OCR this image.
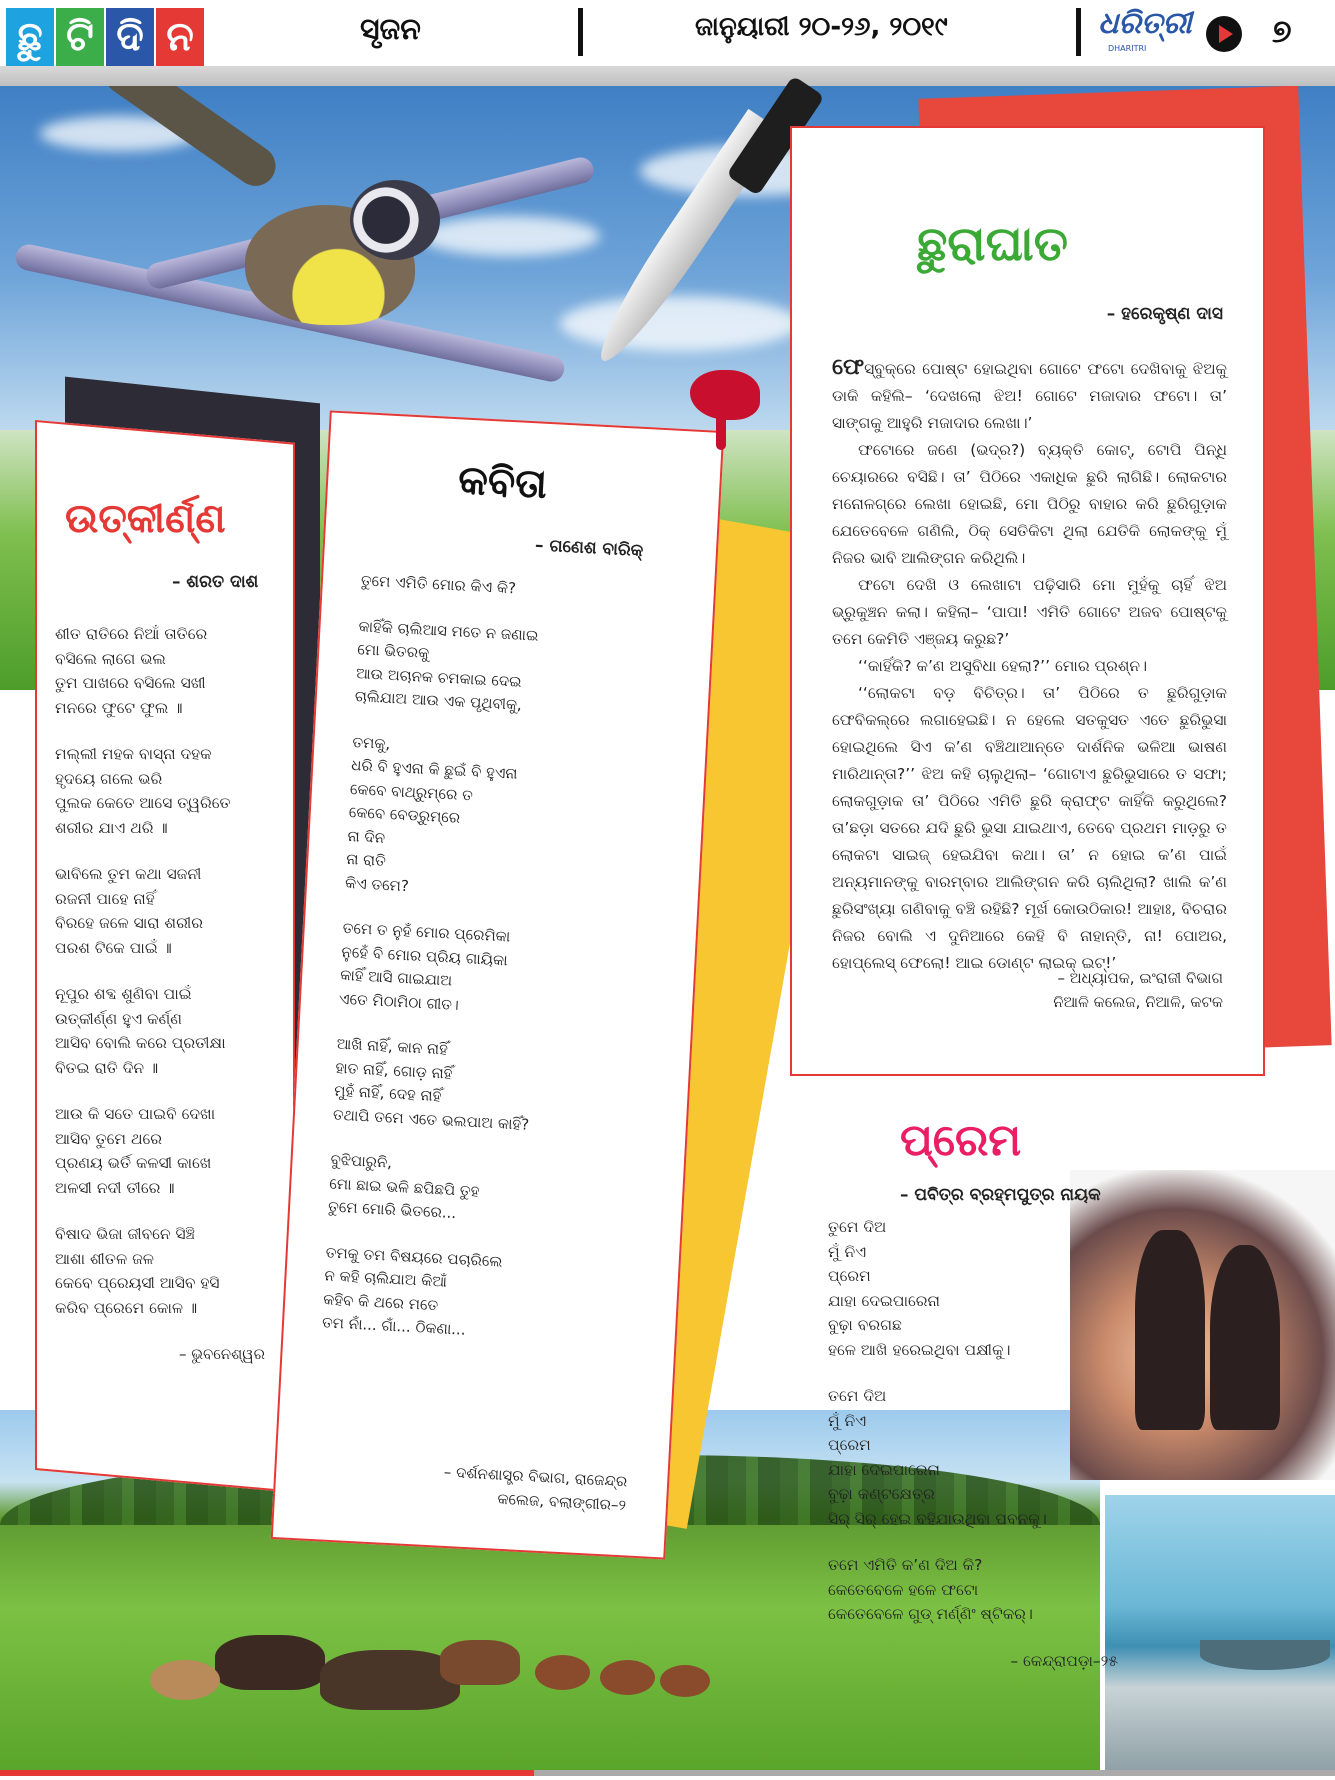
ଛୁ ଟି ଦି ନ	ସୃଜନ	ଜାନୁୟାରୀ ୨୦-୨୬, ୨୦୧୯	ଧରିତ୍ରୀ
DHARITRI	୭
ଉତ୍କୀର୍ଣ୍ଣ
– ଶରତ ଦାଶ

ଶୀତ ରାତିରେ ନିଆଁ ତାତିରେ

ବସିଲେ ଲାଗେ ଭଲ

ତୁମ ପାଖରେ ବସିଲେ ସଖୀ

ମନରେ ଫୁଟେ ଫୁଲ ॥

ମଲ୍ଲୀ ମହକ ବାସ୍ନା ଦହକ

ହୃଦୟେ ଗଲେ ଭରି

ପୁଲକ କେତେ ଆସେ ତ୍ୱରିତେ

ଶରୀର ଯାଏ ଥରି ॥

ଭାବିଲେ ତୁମ କଥା ସଜନୀ

ରଜନୀ ପାହେ ନାହିଁ

ବିରହେ ଜଳେ ସାରା ଶରୀର

ପରଶ ଟିକେ ପାଇଁ ॥

ନୂପୁର ଶବ୍ଦ ଶୁଣିବା ପାଇଁ

ଉତ୍କୀର୍ଣ୍ଣ ହୁଏ କର୍ଣ୍ଣ

ଆସିବ ବୋଲି କରେ ପ୍ରତୀକ୍ଷା

ବିତଇ ରାତି ଦିନ ॥

ଆଉ କି ସତେ ପାଇବି ଦେଖା

ଆସିବ ତୁମେ ଥରେ

ପ୍ରଣୟ ଭର୍ତି କଳସୀ କାଖେ

ଅଳସୀ ନଦୀ ତୀରେ ॥

ବିଷାଦ ଭିଜା ଜୀବନେ ସିଞ୍ଚି

ଆଶା ଶୀତଳ ଜଳ

କେବେ ପ୍ରେୟସୀ ଆସିବ ହସି

କରିବ ପ୍ରେମେ କୋଳ ॥

– ଭୁବନେଶ୍ୱର

କବିତା
– ଗଣେଶ ବାରିକ୍

ତୁମେ ଏମିତି ମୋର କିଏ କି?

କାହିଁକି ଚାଲିଆସ ମତେ ନ ଜଣାଇ

ମୋ ଭିତରକୁ

ଆଉ ଅଚାନକ ଚମକାଇ ଦେଇ

ଚାଲିଯାଅ ଆଉ ଏକ ପୃଥିବୀକୁ,

ତମକୁ,

ଧରି ବି ହୁଏନା କି ଛୁଇଁ ବି ହୁଏନା

କେବେ ବାଥ୍‌ରୁମ୍‌ରେ ତ

କେବେ ବେଡ୍‌ରୁମ୍‌ରେ

ନା ଦିନ

ନା ରାତି

କିଏ ତମେ?

ତମେ ତ ନୁହଁ ମୋର ପ୍ରେମିକା

ନୁହେଁ ବି ମୋର ପ୍ରିୟ ଗାୟିକା

କାହିଁ ଆସି ଗାଇଯାଅ

ଏତେ ମିଠାମିଠା ଗୀତ।

ଆଖି ନାହିଁ, କାନ ନାହିଁ

ହାତ ନାହିଁ, ଗୋଡ଼ ନାହିଁ

ମୁହଁ ନାହିଁ, ଦେହ ନାହିଁ

ତଥାପି ତମେ ଏତେ ଭଲପାଅ କାହିଁ?

ବୁଝିପାରୁନି,

ମୋ ଛାଇ ଭଳି ଛପିଛପି ତୁହ

ତୁମେ ମୋରି ଭିତରେ...

ତମକୁ ତମ ବିଷୟରେ ପଚାରିଲେ

ନ କହି ଚାଲିଯାଅ କିଆଁ

କହିବ କି ଥରେ ମତେ

ତମ ନାଁ... ଗାଁ... ଠିକଣା...

– ଦର୍ଶନଶାସ୍ତ୍ର ବିଭାଗ, ରାଜେନ୍ଦ୍ର
କଲେଜ, ବଲାଙ୍ଗୀର–୨
ଛୁରାଘାତ
– ହରେକୃଷ୍ଣ ଦାସ

ଫେସ୍‌ବୁକ୍‌ରେ ପୋଷ୍ଟ ହୋଇଥିବା ଗୋଟେ ଫଟୋ ଦେଖିବାକୁ ଝିଅକୁ ଡାକି କହିଲି– ‘ଦେଖଲୋ ଝିଅ! ଗୋଟେ ମଜାଦାର ଫଟୋ। ତା’ ସାଙ୍ଗକୁ ଆହୁରି ମଜାଦାର ଲେଖା।’

ଫଟୋରେ ଜଣେ (ଭଦ୍ର?) ବ୍ୟକ୍ତି କୋଟ୍, ଟୋପି ପିନ୍ଧି ଚେୟାରରେ ବସିଛି। ତା’ ପିଠିରେ ଏକାଧିକ ଛୁରି ଲାଗିଛି। ଲୋକଟାର ମନୋଳଗ୍‌ରେ ଲେଖା ହୋଇଛି, ମୋ ପିଠିରୁ ବାହାର କରି ଛୁରିଗୁଡ଼ାକ ଯେତେବେଳେ ଗଣିଲି, ଠିକ୍ ସେତିକିଟା ଥିଲା ଯେତିକି ଲୋକଙ୍କୁ ମୁଁ ନିଜର ଭାବି ଆଲିଙ୍ଗନ କରିଥିଲି।

ଫଟୋ ଦେଖି ଓ ଲେଖାଟା ପଢ଼ିସାରି ମୋ ମୁହଁକୁ ଚାହିଁ ଝିଅ ଭ୍ରୁକୁଞ୍ଚନ କଲା। କହିଲା– ‘ପାପା! ଏମିତି ଗୋଟେ ଅଜବ ପୋଷ୍ଟକୁ ତମେ କେମିତି ଏଞ୍ଜୟ କରୁଛ?’

‘‘କାହିଁକି? କ’ଣ ଅସୁବିଧା ହେଲା?’’ ମୋର ପ୍ରଶ୍ନ।

‘‘ଲୋକଟା ବଡ଼ ବିଚିତ୍ର। ତା’ ପିଠିରେ ତ ଛୁରିଗୁଡ଼ାକ ଫେବିକଲ୍‌ରେ ଲଗାହେଇଛି। ନ ହେଲେ ସତକୁସତ ଏତେ ଛୁରିଭୁସା ହୋଇଥିଲେ ସିଏ କ’ଣ ବଞ୍ଚିଥାଆନ୍ତେ ଦାର୍ଶନିକ ଭଳିଆ ଭାଷଣ ମାରିଥାନ୍ତା?’’ ଝିଅ କହି ଚାଲୁଥିଲା– ‘ଗୋଟାଏ ଛୁରିଭୁସାରେ ତ ସଫା; ଲୋକଗୁଡ଼ାକ ତା’ ପିଠିରେ ଏମିତି ଛୁରି କ୍ରାଫ୍ଟ କାହିଁକି କରୁଥିଲେ? ତା’ଛଡ଼ା ସତରେ ଯଦି ଛୁରି ଭୁସା ଯାଇଥାଏ, ତେବେ ପ୍ରଥମ ମାଡ଼ରୁ ତ ଲୋକଟା ସାଇଜ୍ ହେଇଯିବା କଥା। ତା’ ନ ହୋଇ କ’ଣ ପାଇଁ ଅନ୍ୟମାନଙ୍କୁ ବାରମ୍ବାର ଆଲିଙ୍ଗନ କରି ଚାଲିଥିଲା? ଖାଲି କ’ଣ ଛୁରିସଂଖ୍ୟା ଗଣିବାକୁ ବଞ୍ଚି ରହିଛି? ମୂର୍ଖ କୋଉଠିକାର! ଆହାଃ, ବିଚରାର ନିଜର ବୋଲି ଏ ଦୁନିଆରେ କେହି ବି ନାହାନ୍ତି, ନା! ପୋଅର, ହୋପ୍‌ଲେସ୍ ଫେଲୋ! ଆଇ ଡୋଣ୍ଟ ଲାଇକ୍ ଇଟ୍!’

– ଅଧ୍ୟାପକ, ଇଂରାଜୀ ବିଭାଗ
ନିଆଳି କଲେଜ, ନିଆଳି, କଟକ
ପ୍ରେମ
– ପବିତ୍ର ବ୍ରହ୍ମପୁତ୍ର ନାୟକ

ତୁମେ ଦିଅ

ମୁଁ ନିଏ

ପ୍ରେମ

ଯାହା ଦେଇପାରେନା

ବୁଢ଼ା ବରଗଛ

ହଳେ ଆଖି ହରେଇଥିବା ପକ୍ଷୀକୁ।

ତମେ ଦିଅ

ମୁଁ ନିଏ

ପ୍ରେମ

ଯାହା ଦେଇପାରେନା

ବୁଢ଼ା କଣ୍ଟକ୍ଷେତ୍ର

ସିର୍ ସିର୍ ହେଇ ବହିଯାଉଥିବା ପବନକୁ।

ତମେ ଏମିତି କ’ଣ ଦିଅ କି?

କେତେବେଳେ ହଳେ ଫଟୋ

କେତେବେଳେ ଗୁଡ୍ ମର୍ଣ୍ଣିଂ ଷ୍ଟିକର୍।

– କେନ୍ଦ୍ରାପଡ଼ା–୨୫
